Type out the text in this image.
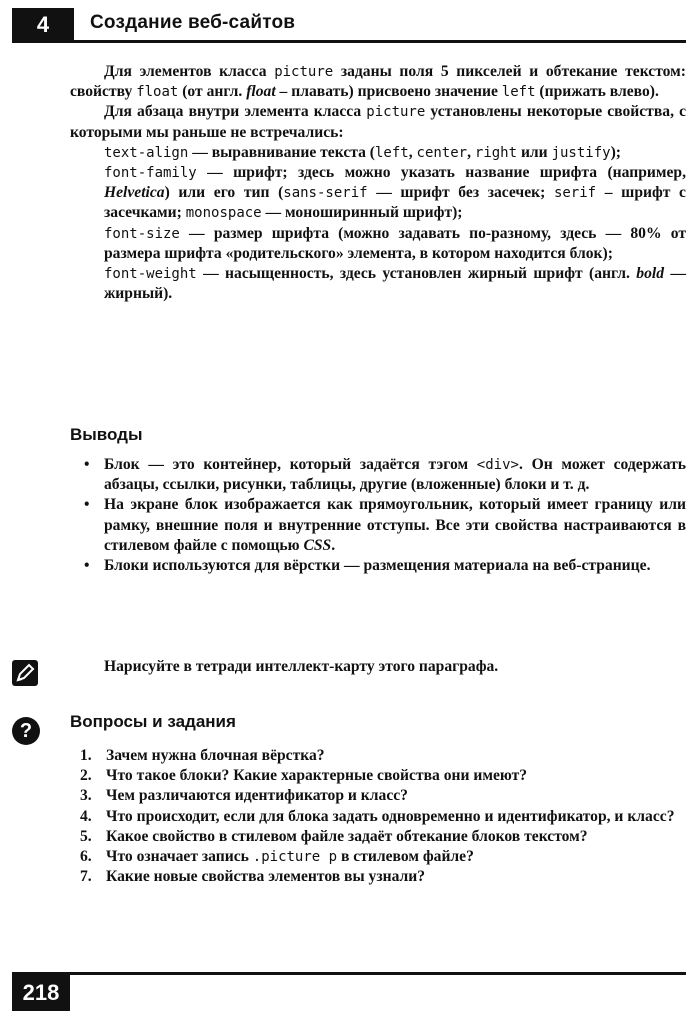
4	Создание веб-сайтов

Для элементов класса picture заданы поля 5 пикселей и обтекание текстом: свойству float (от англ. float – плавать) присвоено значение left (прижать влево).

Для абзаца внутри элемента класса picture установлены некоторые свойства, с которыми мы раньше не встречались:

text-align — выравнивание текста (left, center, right или justify);

font-family — шрифт; здесь можно указать название шрифта (например, Helvetica) или его тип (sans-serif — шрифт без засечек; serif – шрифт с засечками; monospace — моноширинный шрифт);

font-size — размер шрифта (можно задавать по-разному, здесь — 80% от размера шрифта «родительского» элемента, в котором находится блок);

font-weight — насыщенность, здесь установлен жирный шрифт (англ. bold — жирный).

Выводы
• Блок — это контейнер, который задаётся тэгом <div>. Он может содержать абзацы, ссылки, рисунки, таблицы, другие (вложенные) блоки и т. д.
• На экране блок изображается как прямоугольник, который имеет границу или рамку, внешние поля и внутренние отступы. Все эти свойства настраиваются в стилевом файле с помощью CSS.
• Блоки используются для вёрстки — размещения материала на веб-странице.
Нарисуйте в тетради интеллект-карту этого параграфа.
?	Вопросы и задания
1. Зачем нужна блочная вёрстка?
2. Что такое блоки? Какие характерные свойства они имеют?
3. Чем различаются идентификатор и класс?
4. Что происходит, если для блока задать одновременно и идентификатор, и класс?
5. Какое свойство в стилевом файле задаёт обтекание блоков текстом?
6. Что означает запись .picture p в стилевом файле?
7. Какие новые свойства элементов вы узнали?
218
